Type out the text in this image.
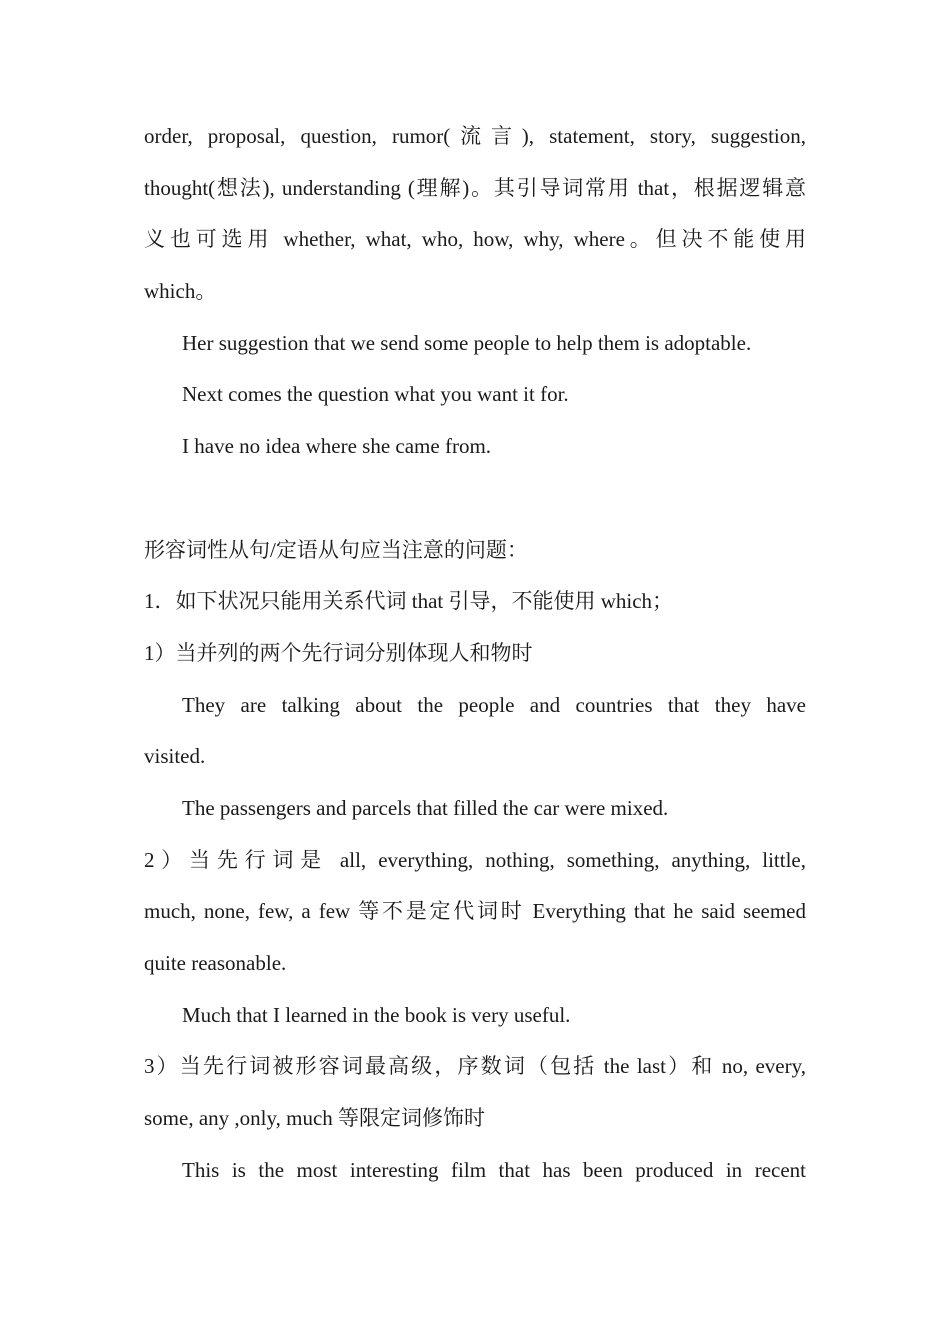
order, proposal, question, rumor(流言), statement, story, suggestion,
thought(想法), understanding (理解)。其引导词常用 that，根据逻辑意
义也可选用 whether, what, who, how, why, where。但决不能使用
which。
Her suggestion that we send some people to help them is adoptable.
Next comes the question what you want it for.
I have no idea where she came from.
形容词性从句/定语从句应当注意的问题：
1．如下状况只能用关系代词 that 引导，不能使用 which；
1）当并列的两个先行词分别体现人和物时
They are talking about the people and countries that they have
visited.
The passengers and parcels that filled the car were mixed.
2）当先行词是 all, everything, nothing, something, anything, little,
much, none, few, a few 等不是定代词时 Everything that he said seemed
quite reasonable.
Much that I learned in the book is very useful.
3）当先行词被形容词最高级，序数词（包括 the last）和 no, every,
some, any ,only, much 等限定词修饰时
This is the most interesting film that has been produced in recent
